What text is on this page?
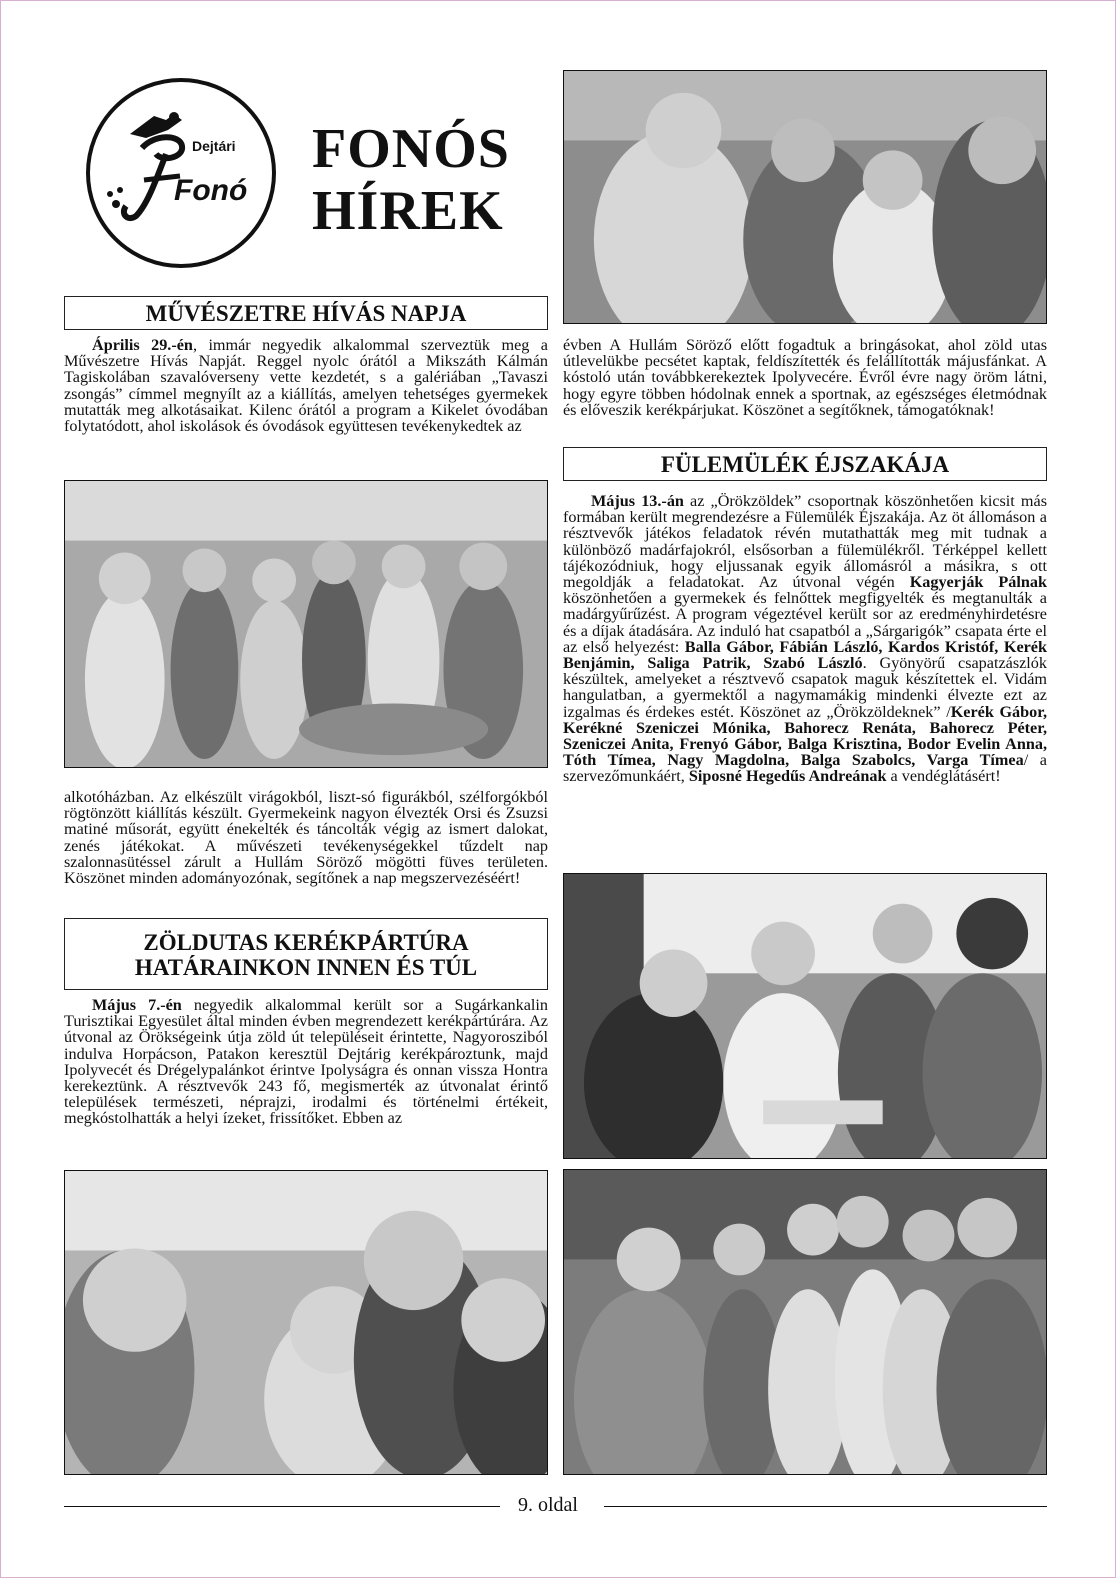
Dejtári
Fonó
FONÓS
HÍREK
MŰVÉSZETRE HÍVÁS NAPJA

Április 29.-én, immár negyedik alkalommal szerveztük meg a Művészetre Hívás Napját. Reggel nyolc órától a Mikszáth Kálmán Tagiskolában szavalóverseny vette kezdetét, s a galériában „Tavaszi zsongás” címmel megnyílt az a kiállítás, amelyen tehetséges gyermekek mutatták meg alkotásaikat. Kilenc órától a program a Kikelet óvodában folytatódott, ahol iskolások és óvodások együttesen tevékenykedtek az

alkotóházban. Az elkészült virágokból, liszt-só figurákból, szélforgókból rögtönzött kiállítás készült. Gyermekeink nagyon élvezték Orsi és Zsuzsi matiné műsorát, együtt énekelték és táncolták végig az ismert dalokat, zenés játékokat. A művészeti tevékenységekkel tűzdelt nap szalonnasütéssel zárult a Hullám Söröző mögötti füves területen. Köszönet minden adományozónak, segítőnek a nap megszervezéséért!

ZÖLDUTAS KERÉKPÁRTÚRA
HATÁRAINKON INNEN ÉS TÚL

Május 7.-én negyedik alkalommal került sor a Sugárkankalin Turisztikai Egyesület által minden évben megrendezett kerékpártúrára. Az útvonal az Örökségeink útja zöld út településeit érintette, Nagyorosziból indulva Horpácson, Patakon keresztül Dejtárig kerékpároztunk, majd Ipolyvecét és Drégelypalánkot érintve Ipolyságra és onnan vissza Hontra kerekeztünk. A résztvevők 243 fő, megismerték az útvonalat érintő települések természeti, néprajzi, irodalmi és történelmi értékeit, megkóstolhatták a helyi ízeket, frissítőket. Ebben az

évben A Hullám Söröző előtt fogadtuk a bringásokat, ahol zöld utas útlevelükbe pecsétet kaptak, feldíszítették és felállították májusfánkat. A kóstoló után továbbkerekeztek Ipolyvecére. Évről évre nagy öröm látni, hogy egyre többen hódolnak ennek a sportnak, az egészséges életmódnak és előveszik kerékpárjukat. Köszönet a segítőknek, támogatóknak!

FÜLEMÜLÉK ÉJSZAKÁJA

Május 13.-án az „Örökzöldek” csoportnak köszönhetően kicsit más formában került megrendezésre a Fülemülék Éjszakája. Az öt állomáson a résztvevők játékos feladatok révén mutathatták meg mit tudnak a különböző madárfajokról, elsősorban a fülemülékről. Térképpel kellett tájékozódniuk, hogy eljussanak egyik állomásról a másikra, s ott megoldják a feladatokat. Az útvonal végén Kagyerják Pálnak köszönhetően a gyermekek és felnőttek megfigyelték és megtanulták a madárgyűrűzést. A program végeztével került sor az eredményhirdetésre és a díjak átadására. Az induló hat csapatból a „Sárgarigók” csapata érte el az első helyezést: Balla Gábor, Fábián László, Kardos Kristóf, Kerék Benjámin, Saliga Patrik, Szabó László. Gyönyörű csapatzászlók készültek, amelyeket a résztvevő csapatok maguk készítettek el. Vidám hangulatban, a gyermektől a nagymamákig mindenki élvezte ezt az izgalmas és érdekes estét. Köszönet az „Örökzöldeknek” /Kerék Gábor, Kerékné Szeniczei Mónika, Bahorecz Renáta, Bahorecz Péter, Szeniczei Anita, Frenyó Gábor, Balga Krisztina, Bodor Evelin Anna, Tóth Tímea, Nagy Magdolna, Balga Szabolcs, Varga Tímea/ a szervezőmunkáért, Siposné Hegedűs Andreának a vendéglátásért!

9. oldal
